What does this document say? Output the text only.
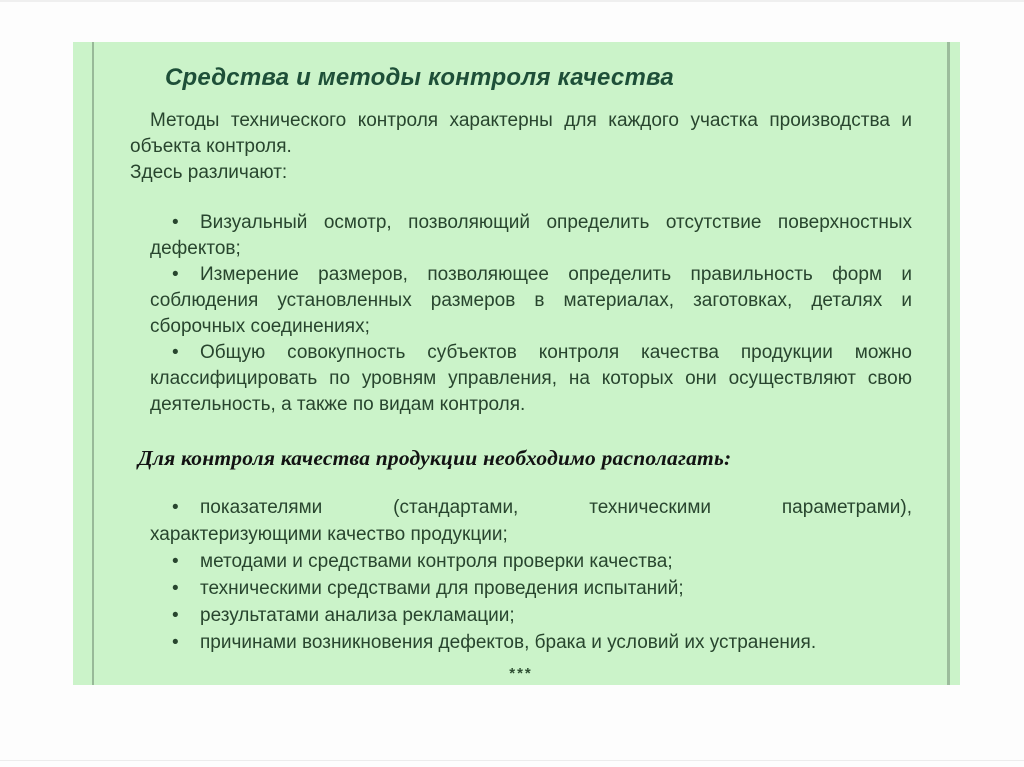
Средства и методы контроля качества
Методы технического контроля характерны для каждого участка производства и
объекта контроля.
Здесь различают:
• Визуальный осмотр, позволяющий определить отсутствие поверхностных
дефектов;
• Измерение размеров, позволяющее определить правильность форм и
соблюдения установленных размеров в материалах, заготовках, деталях и
сборочных соединениях;
• Общую совокупность субъектов контроля качества продукции можно
классифицировать по уровням управления, на которых они осуществляют свою
деятельность, а также по видам контроля.
Для контроля качества продукции необходимо располагать:
• показателями (стандартами, техническими параметрами),
характеризующими качество продукции;
• методами и средствами контроля проверки качества;
• техническими средствами для проведения испытаний;
• результатами анализа рекламации;
• причинами возникновения дефектов, брака и условий их устранения.
***
